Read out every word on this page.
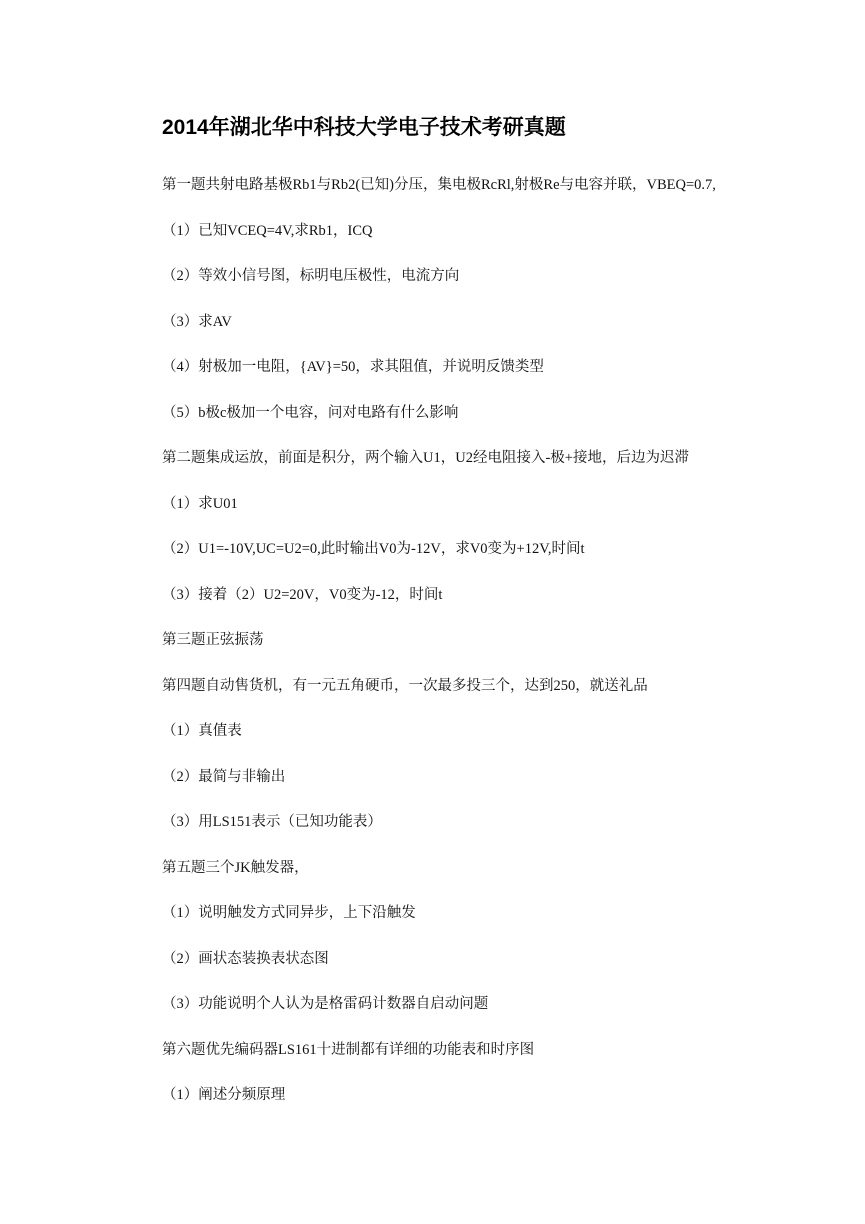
2014年湖北华中科技大学电子技术考研真题
第一题共射电路基极Rb1与Rb2(已知)分压，集电极RcRl,射极Re与电容并联，VBEQ=0.7,
（1）已知VCEQ=4V,求Rb1，ICQ
（2）等效小信号图，标明电压极性，电流方向
（3）求AV
（4）射极加一电阻，{AV}=50，求其阻值，并说明反馈类型
（5）b极c极加一个电容，问对电路有什么影响
第二题集成运放，前面是积分，两个输入U1，U2经电阻接入-极+接地，后边为迟滞
（1）求U01
（2）U1=-10V,UC=U2=0,此时输出V0为-12V，求V0变为+12V,时间t
（3）接着（2）U2=20V，V0变为-12，时间t
第三题正弦振荡
第四题自动售货机，有一元五角硬币，一次最多投三个，达到250，就送礼品
（1）真值表
（2）最简与非输出
（3）用LS151表示（已知功能表）
第五题三个JK触发器，
（1）说明触发方式同异步，上下沿触发
（2）画状态装换表状态图
（3）功能说明个人认为是格雷码计数器自启动问题
第六题优先编码器LS161十进制都有详细的功能表和时序图
（1）阐述分频原理
